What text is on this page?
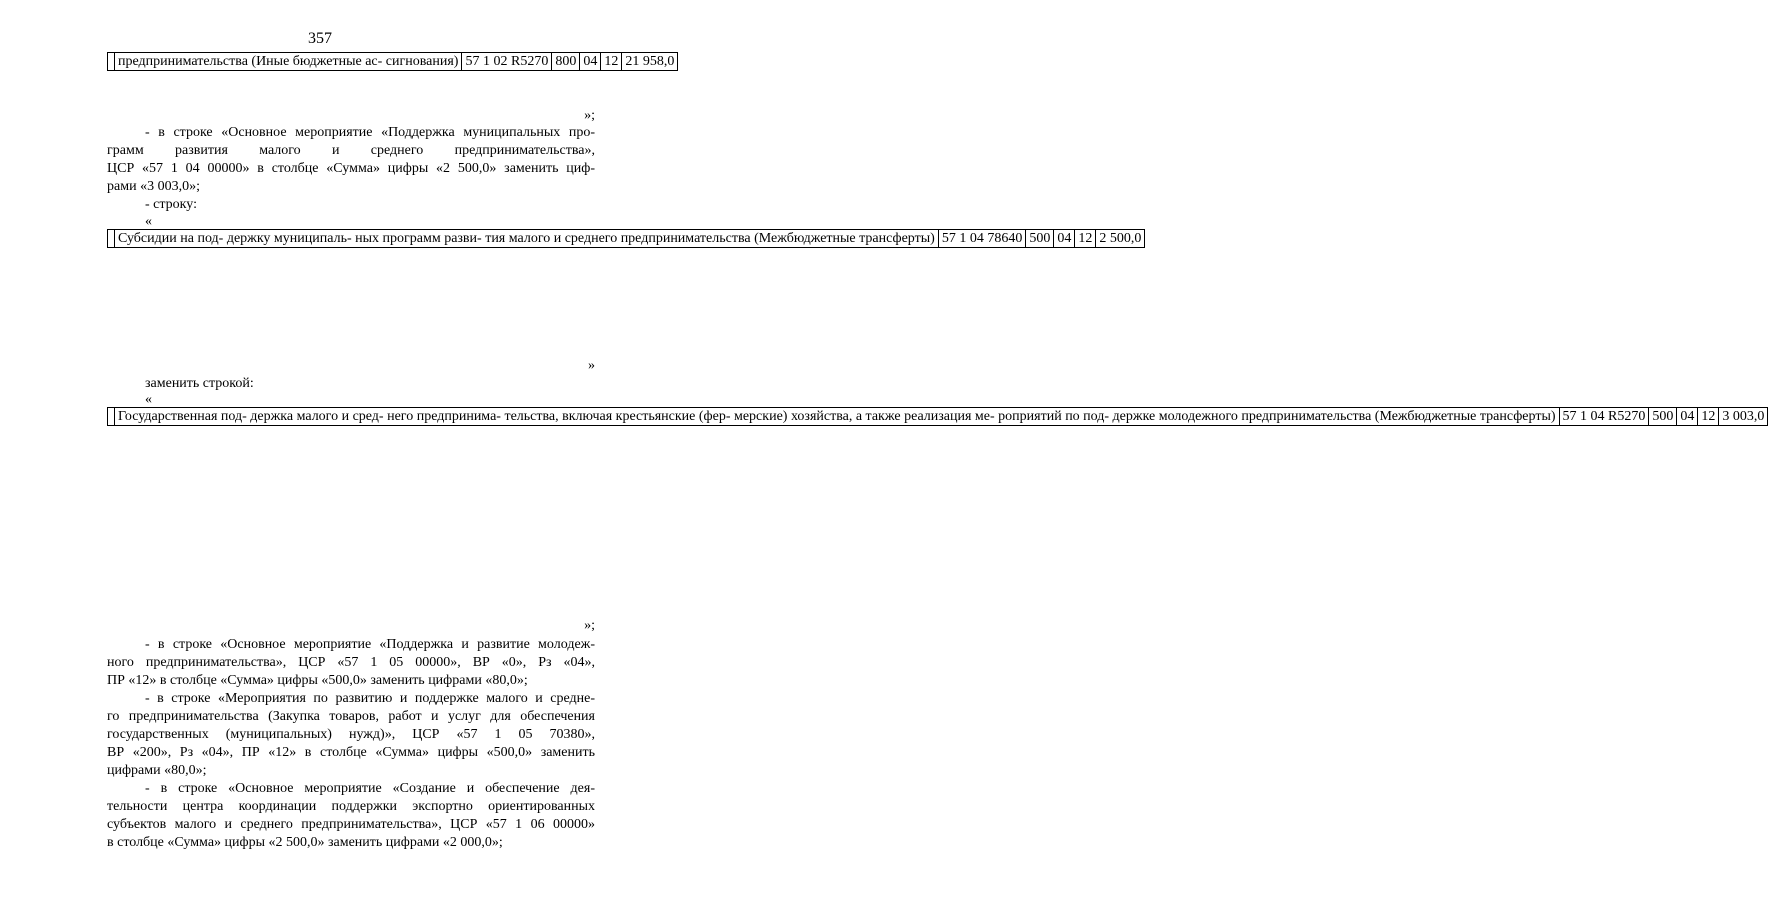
357
	предпринимательства (Иные бюджетные ас- сигнования)	57 1 02 R5270	800	04	12	21 958,0
»;
- в строке «Основное мероприятие «Поддержка муниципальных про-
грамм развития малого и среднего предпринимательства»,
ЦСР «57 1 04 00000» в столбце «Сумма» цифры «2 500,0» заменить циф-
рами «3 003,0»;
- строку:
«
	Субсидии на под- держку муниципаль- ных программ разви- тия малого и среднего предпринимательства (Межбюджетные трансферты)	57 1 04 78640	500	04	12	2 500,0
»
заменить строкой:
«
	Государственная под- держка малого и сред- него предпринима- тельства, включая крестьянские (фер- мерские) хозяйства, а также реализация ме- роприятий по под- держке молодежного предпринимательства (Межбюджетные трансферты)	57 1 04 R5270	500	04	12	3 003,0
»;
- в строке «Основное мероприятие «Поддержка и развитие молодеж-
ного предпринимательства», ЦСР «57 1 05 00000», ВР «0», Рз «04»,
ПР «12» в столбце «Сумма» цифры «500,0» заменить цифрами «80,0»;
- в строке «Мероприятия по развитию и поддержке малого и средне-
го предпринимательства (Закупка товаров, работ и услуг для обеспечения
государственных (муниципальных) нужд)», ЦСР «57 1 05 70380»,
ВР «200», Рз «04», ПР «12» в столбце «Сумма» цифры «500,0» заменить
цифрами «80,0»;
- в строке «Основное мероприятие «Создание и обеспечение дея-
тельности центра координации поддержки экспортно ориентированных
субъектов малого и среднего предпринимательства», ЦСР «57 1 06 00000»
в столбце «Сумма» цифры «2 500,0» заменить цифрами «2 000,0»;
